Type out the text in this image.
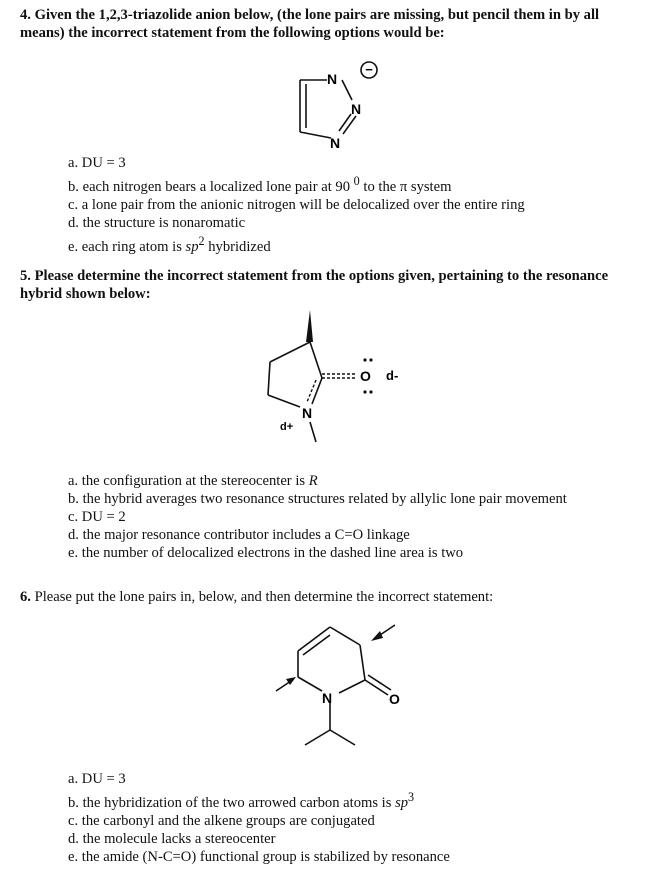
4. Given the 1,2,3-triazolide anion below, (the lone pairs are missing, but pencil them in by all means) the incorrect statement from the following options would be:
N
N
N
−
a. DU = 3
b. each nitrogen bears a localized lone pair at 90 $^0$ to the π system
c. a lone pair from the anionic nitrogen will be delocalized over the entire ring
d. the structure is nonaromatic
e. each ring atom is $sp^2$ hybridized
5. Please determine the incorrect statement from the options given, pertaining to the resonance hybrid shown below:
O d-
N
d+
a. the configuration at the stereocenter is R
b. the hybrid averages two resonance structures related by allylic lone pair movement
c. DU = 2
d. the major resonance contributor includes a C=O linkage
e. the number of delocalized electrons in the dashed line area is two
6. Please put the lone pairs in, below, and then determine the incorrect statement:
N	O
a. DU = 3
b. the hybridization of the two arrowed carbon atoms is $sp^3$
c. the carbonyl and the alkene groups are conjugated
d. the molecule lacks a stereocenter
e. the amide (N-C=O) functional group is stabilized by resonance
